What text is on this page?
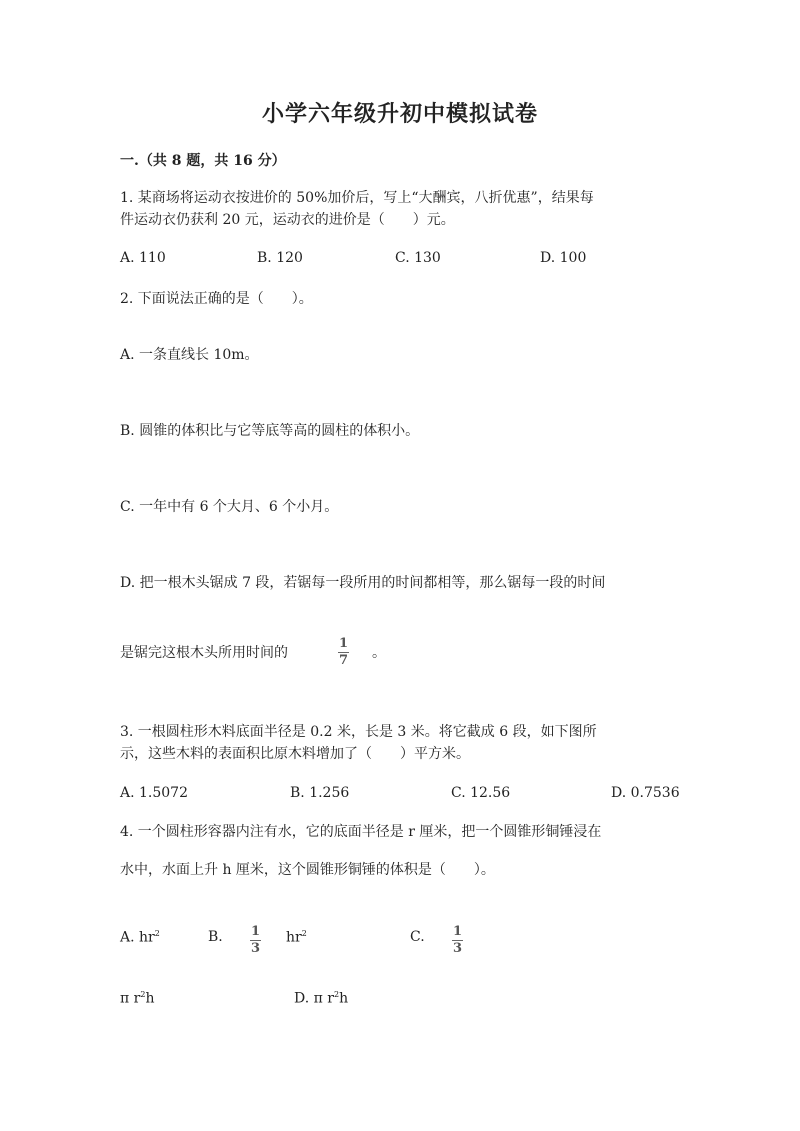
小学六年级升初中模拟试卷
一.（共 8 题，共 16 分）
1. 某商场将运动衣按进价的 50%加价后，写上“大酬宾，八折优惠”，结果每
件运动衣仍获利 20 元，运动衣的进价是（　　）元。
A. 110	B. 120	C. 130	D. 100
2. 下面说法正确的是（　　）。
A. 一条直线长 10m。
B. 圆锥的体积比与它等底等高的圆柱的体积小。
C. 一年中有 6 个大月、6 个小月。
D. 把一根木头锯成 7 段，若锯每一段所用的时间都相等，那么锯每一段的时间
是锯完这根木头所用时间的
1
7 。
3. 一根圆柱形木料底面半径是 0.2 米，长是 3 米。将它截成 6 段，如下图所
示，这些木料的表面积比原木料增加了（　　）平方米。
A. 1.5072	B. 1.256	C. 12.56	D. 0.7536
4. 一个圆柱形容器内注有水，它的底面半径是 r 厘米，把一个圆锥形铜锤浸在
水中，水面上升 h 厘米，这个圆锥形铜锤的体积是（　　）。
A. $hr^2$	B. 1
3
$hr^2$	C. 1
3
π $r^2h$	D. π $r^2h$
